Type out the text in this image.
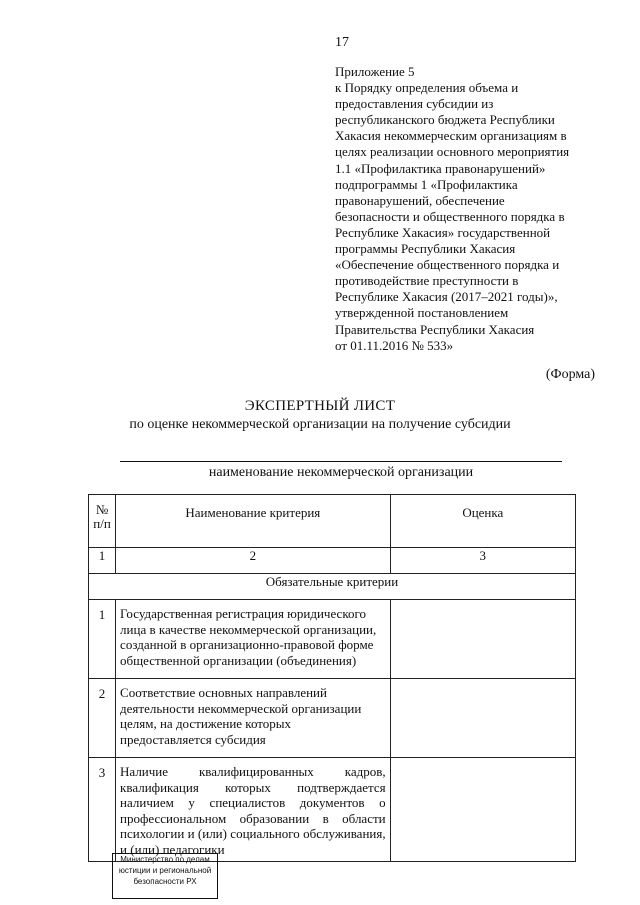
17
Приложение 5
к Порядку определения объема и
предоставления субсидии из
республиканского бюджета Республики
Хакасия некоммерческим организациям в
целях реализации основного мероприятия
1.1 «Профилактика правонарушений»
подпрограммы 1 «Профилактика
правонарушений, обеспечение
безопасности и общественного порядка в
Республике Хакасия» государственной
программы Республики Хакасия
«Обеспечение общественного порядка и
противодействие преступности в
Республике Хакасия (2017–2021 годы)»,
утвержденной постановлением
Правительства Республики Хакасия
от 01.11.2016 № 533»
(Форма)
ЭКСПЕРТНЫЙ ЛИСТ
по оценке некоммерческой организации на получение субсидии
наименование некоммерческой организации
№
п/п	Наименование критерия	Оценка
1	2	3
Обязательные критерии		
1	Государственная регистрация юридического лица в качестве некоммерческой организации, созданной в организационно-правовой форме общественной организации (объединения)	
2	Соответствие основных направлений деятельности некоммерческой организации целям, на достижение которых предоставляется субсидия	
3	Наличие квалифицированных кадров, квалификация которых подтверждается наличием у специалистов документов о профессиональном образовании в области психологии и (или) социального обслуживания, и (или) педагогики	
Министерство по делам
юстиции и региональной
безопасности РХ
